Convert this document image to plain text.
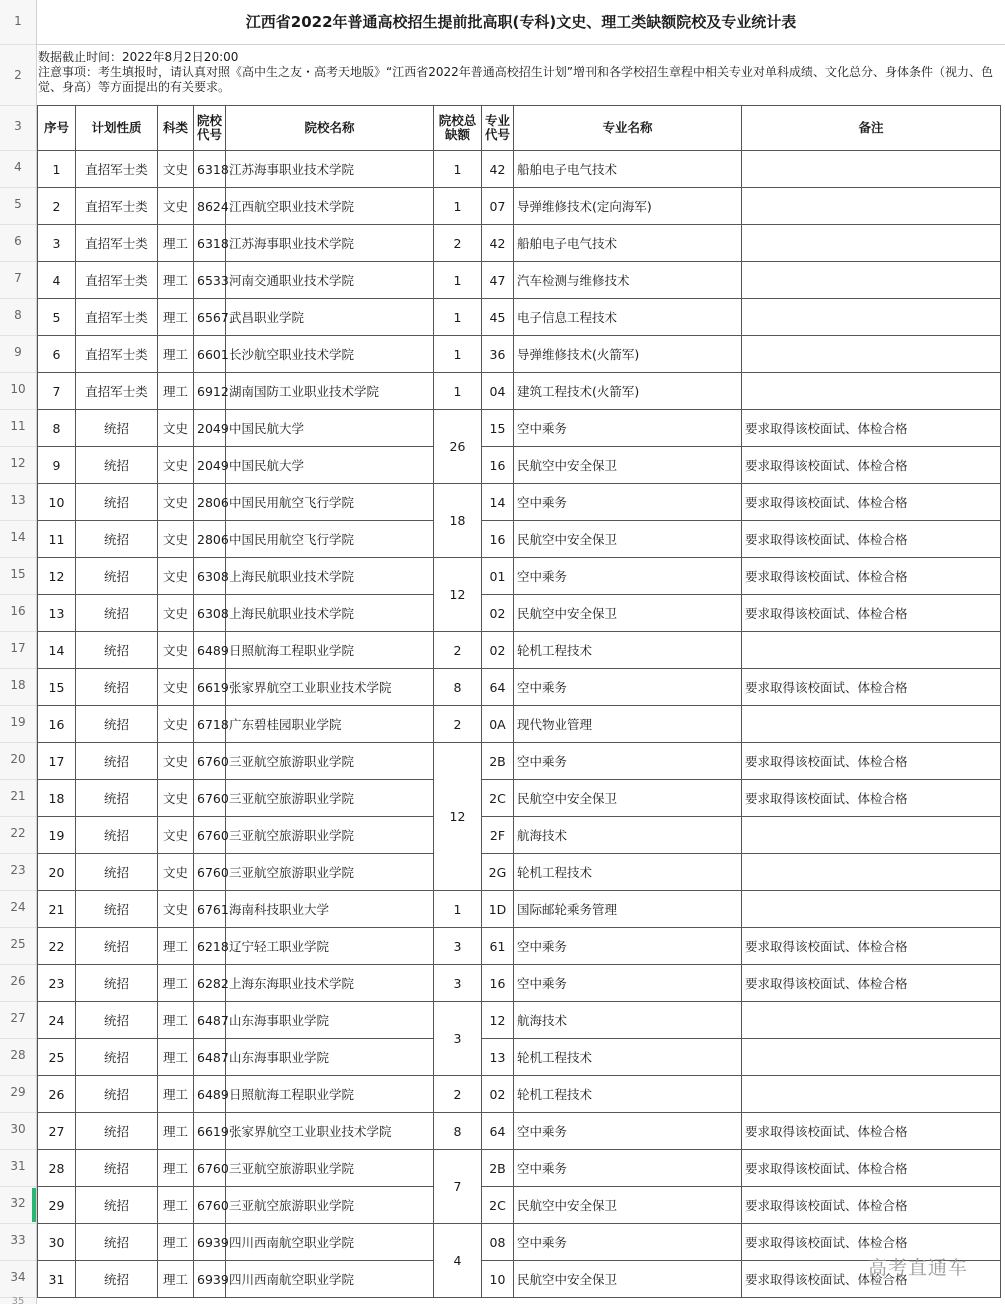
1
2
3
4
5
6
7
8
9
10
11
12
13
14
15
16
17
18
19
20
21
22
23
24
25
26
27
28
29
30
31
32
33
34
江西省2022年普通高校招生提前批高职(专科)文史、理工类缺额院校及专业统计表
数据截止时间：2022年8月2日20:00
注意事项：考生填报时，请认真对照《高中生之友・高考天地版》“江西省2022年普通高校招生计划”增刊和各学校招生章程中相关专业对单科成绩、文化总分、身体条件（视力、色觉、身高）等方面提出的有关要求。
序号	计划性质	科类	院校代号	院校名称	院校总缺额	专业代号	专业名称	备注
1	直招军士类	文史	6318	江苏海事职业技术学院	1	42	船舶电子电气技术	
2	直招军士类	文史	8624	江西航空职业技术学院	1	07	导弹维修技术(定向海军)	
3	直招军士类	理工	6318	江苏海事职业技术学院	2	42	船舶电子电气技术	
4	直招军士类	理工	6533	河南交通职业技术学院	1	47	汽车检测与维修技术	
5	直招军士类	理工	6567	武昌职业学院	1	45	电子信息工程技术	
6	直招军士类	理工	6601	长沙航空职业技术学院	1	36	导弹维修技术(火箭军)	
7	直招军士类	理工	6912	湖南国防工业职业技术学院	1	04	建筑工程技术(火箭军)	
8	统招	文史	2049	中国民航大学	26	15	空中乘务	要求取得该校面试、体检合格
9	统招	文史	2049	中国民航大学		16	民航空中安全保卫	要求取得该校面试、体检合格
10	统招	文史	2806	中国民用航空飞行学院	18	14	空中乘务	要求取得该校面试、体检合格
11	统招	文史	2806	中国民用航空飞行学院		16	民航空中安全保卫	要求取得该校面试、体检合格
12	统招	文史	6308	上海民航职业技术学院	12	01	空中乘务	要求取得该校面试、体检合格
13	统招	文史	6308	上海民航职业技术学院		02	民航空中安全保卫	要求取得该校面试、体检合格
14	统招	文史	6489	日照航海工程职业学院	2	02	轮机工程技术	
15	统招	文史	6619	张家界航空工业职业技术学院	8	64	空中乘务	要求取得该校面试、体检合格
16	统招	文史	6718	广东碧桂园职业学院	2	0A	现代物业管理	
17	统招	文史	6760	三亚航空旅游职业学院	12	2B	空中乘务	要求取得该校面试、体检合格
18	统招	文史	6760	三亚航空旅游职业学院		2C	民航空中安全保卫	要求取得该校面试、体检合格
19	统招	文史	6760	三亚航空旅游职业学院		2F	航海技术	
20	统招	文史	6760	三亚航空旅游职业学院		2G	轮机工程技术	
21	统招	文史	6761	海南科技职业大学	1	1D	国际邮轮乘务管理	
22	统招	理工	6218	辽宁轻工职业学院	3	61	空中乘务	要求取得该校面试、体检合格
23	统招	理工	6282	上海东海职业技术学院	3	16	空中乘务	要求取得该校面试、体检合格
24	统招	理工	6487	山东海事职业学院	3	12	航海技术	
25	统招	理工	6487	山东海事职业学院		13	轮机工程技术	
26	统招	理工	6489	日照航海工程职业学院	2	02	轮机工程技术	
27	统招	理工	6619	张家界航空工业职业技术学院	8	64	空中乘务	要求取得该校面试、体检合格
28	统招	理工	6760	三亚航空旅游职业学院	7	2B	空中乘务	要求取得该校面试、体检合格
29	统招	理工	6760	三亚航空旅游职业学院		2C	民航空中安全保卫	要求取得该校面试、体检合格
30	统招	理工	6939	四川西南航空职业学院	4	08	空中乘务	要求取得该校面试、体检合格
31	统招	理工	6939	四川西南航空职业学院		10	民航空中安全保卫	要求取得该校面试、体检合格
35
高考直通车
